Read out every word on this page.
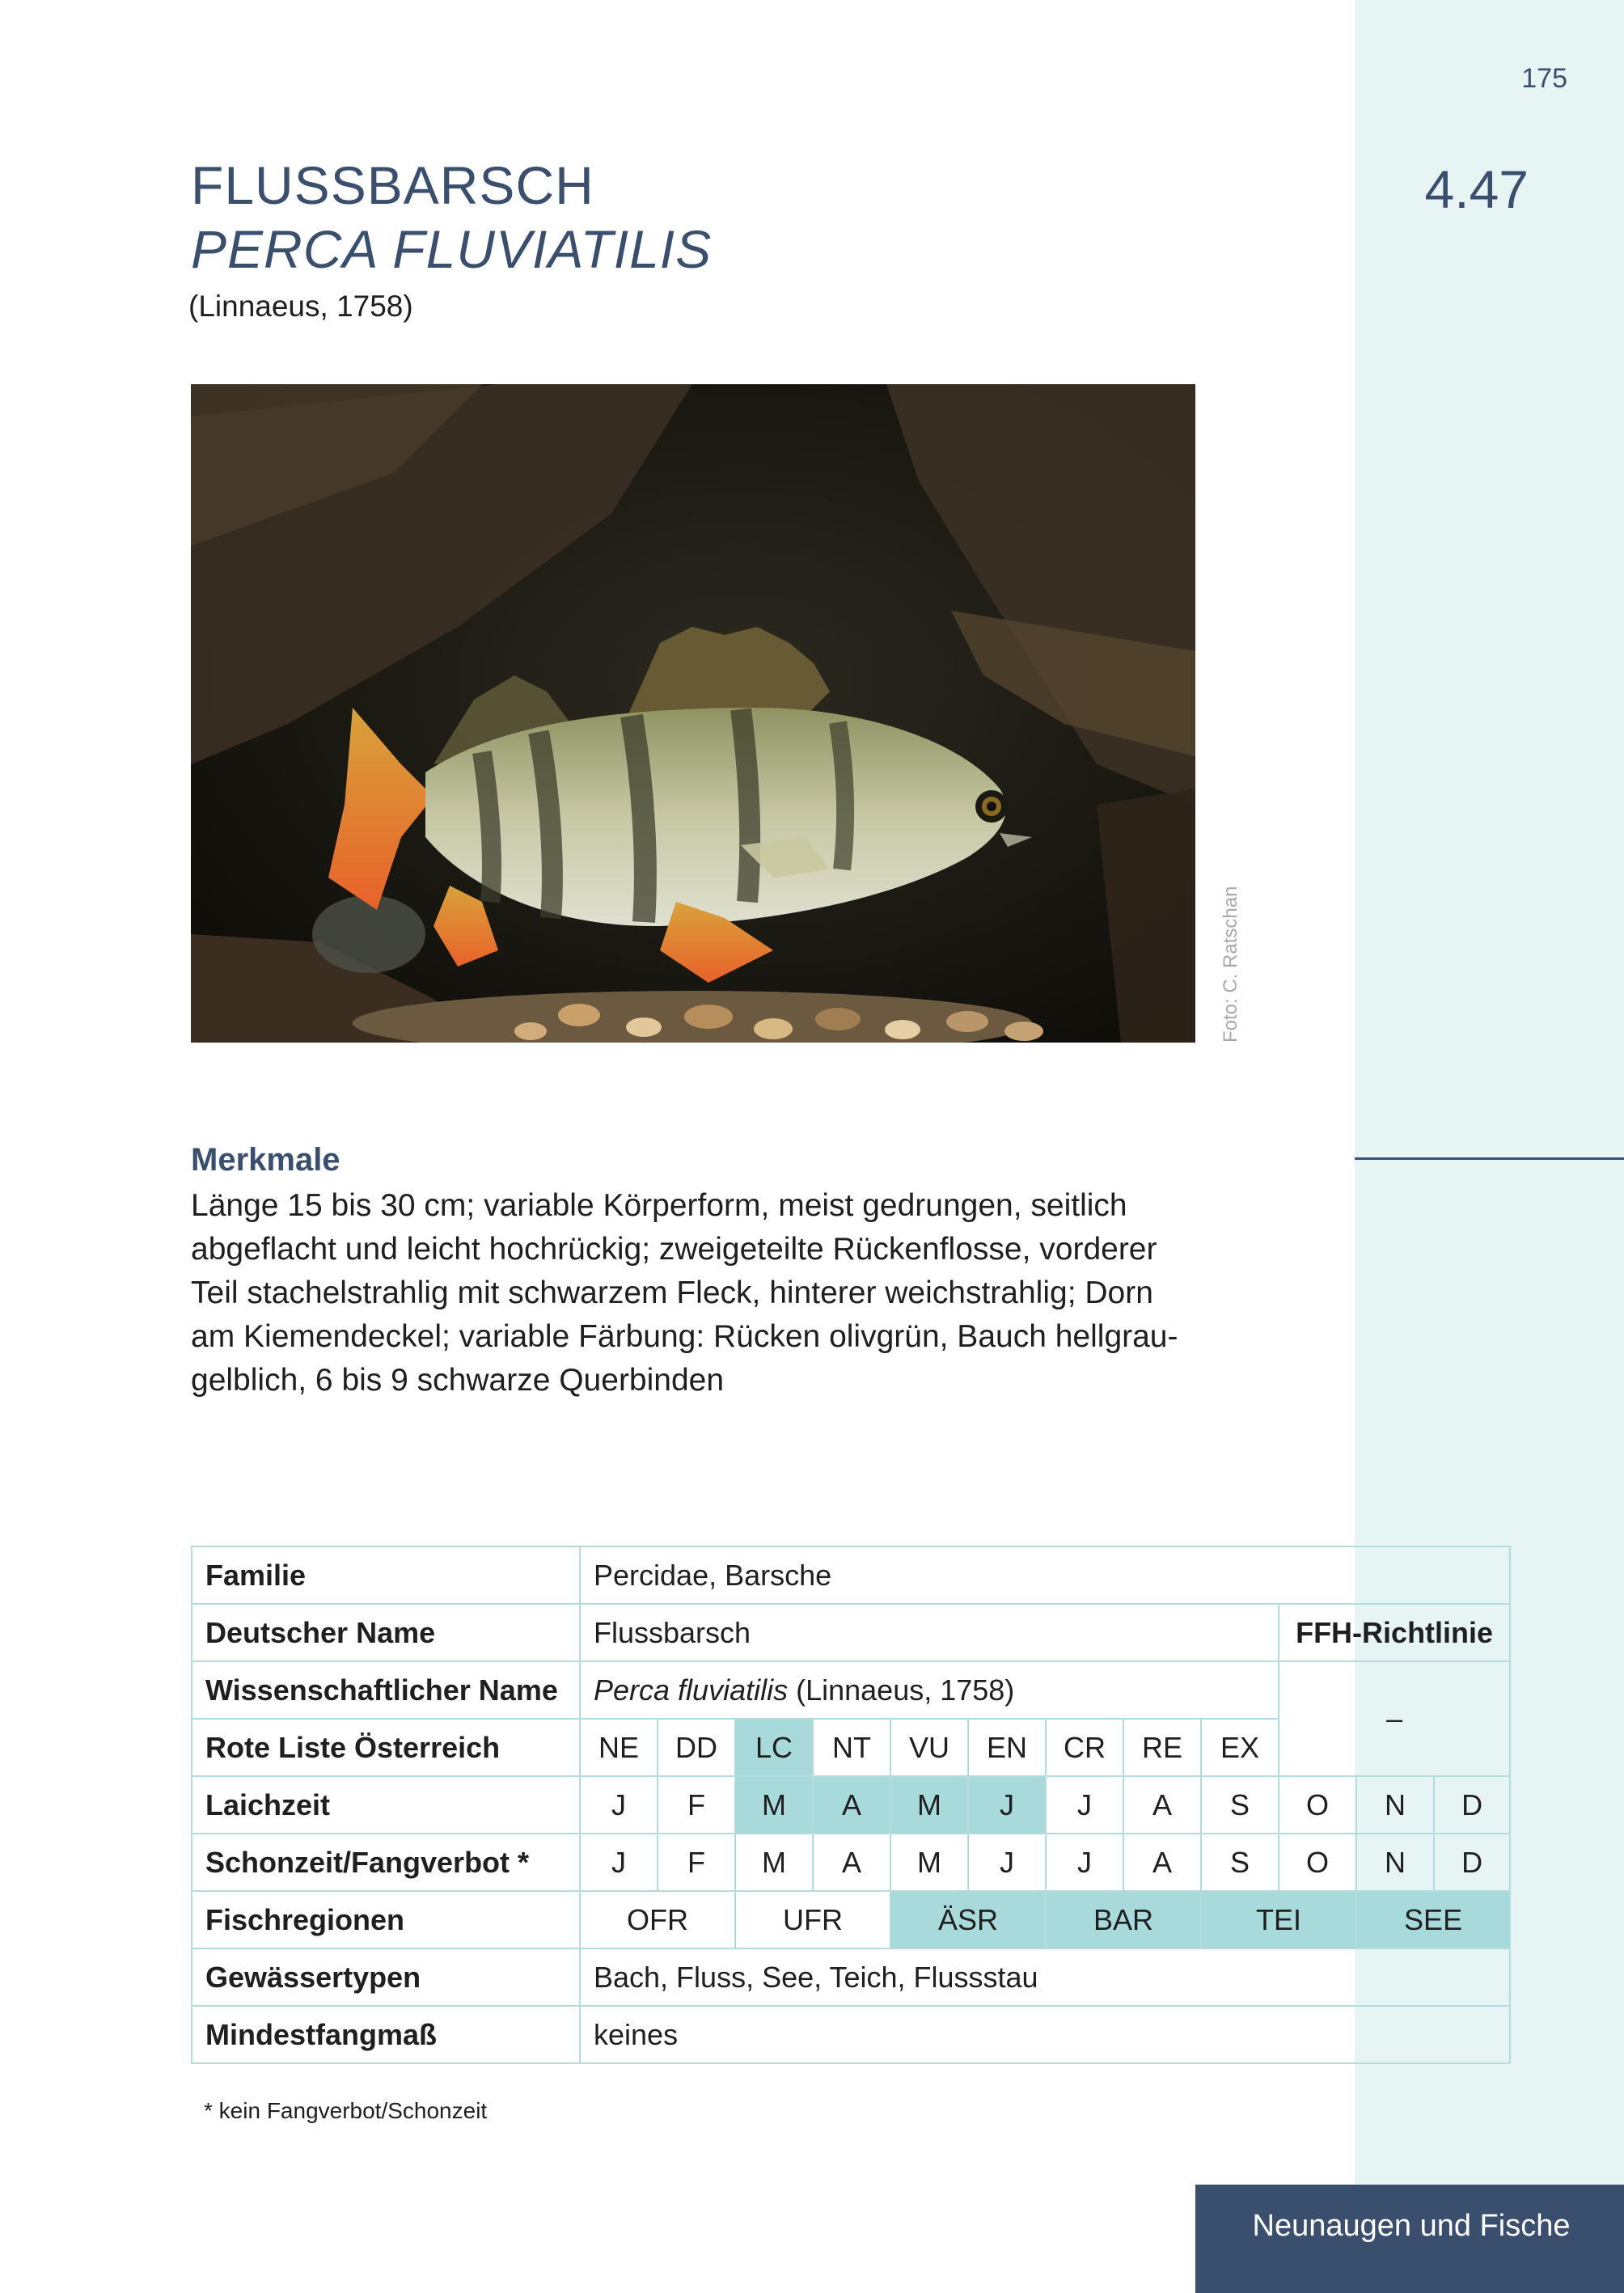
175
4.47
FLUSSBARSCH
PERCA FLUVIATILIS
(Linnaeus, 1758)
Foto: C. Ratschan
Merkmale
Länge 15 bis 30 cm; variable Körperform, meist gedrungen, seitlich
abgeflacht und leicht hochrückig; zweigeteilte Rückenflosse, vorderer
Teil stachelstrahlig mit schwarzem Fleck, hinterer weichstrahlig; Dorn
am Kiemendeckel; variable Färbung: Rücken olivgrün, Bauch hellgrau-
gelblich, 6 bis 9 schwarze Querbinden
Familie	Percidae, Barsche											
Deutscher Name	Flussbarsch									FFH-Richtlinie		
Wissenschaftlicher Name	Perca fluviatilis (Linnaeus, 1758)									–		
Rote Liste Österreich	NE	DD	LC	NT	VU	EN	CR	RE	EX			
Laichzeit	J	F	M	A	M	J	J	A	S	O	N	D
Schonzeit/Fangverbot *	J	F	M	A	M	J	J	A	S	O	N	D
Fischregionen	OFR		UFR		ÄSR		BAR		TEI		SEE	
Gewässertypen	Bach, Fluss, See, Teich, Flussstau											
Mindestfangmaß	keines											
* kein Fangverbot/Schonzeit
Neunaugen und Fische
